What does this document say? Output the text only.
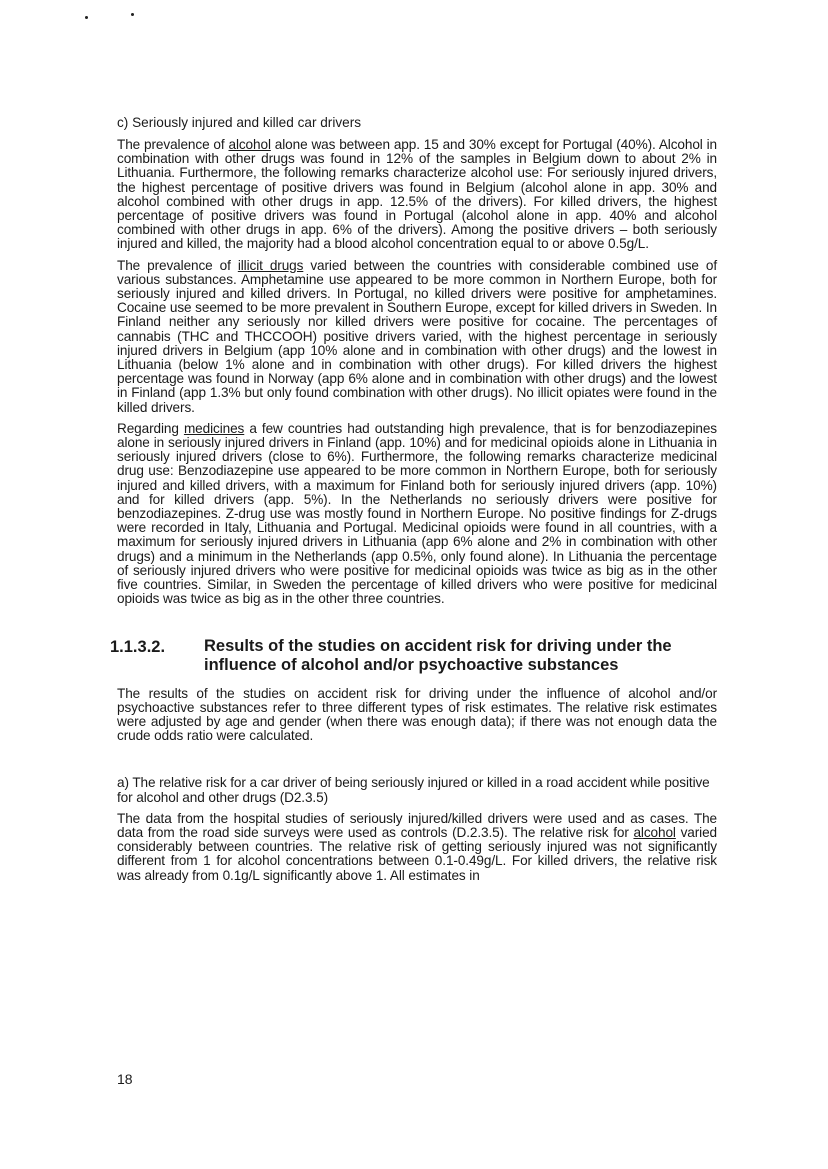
c) Seriously injured and killed car drivers

The prevalence of alcohol alone was between app. 15 and 30% except for Portugal (40%). Alcohol in combination with other drugs was found in 12% of the samples in Belgium down to about 2% in Lithuania. Furthermore, the following remarks characterize alcohol use: For seriously injured drivers, the highest percentage of positive drivers was found in Belgium (alcohol alone in app. 30% and alcohol combined with other drugs in app. 12.5% of the drivers). For killed drivers, the highest percentage of positive drivers was found in Portugal (alcohol alone in app. 40% and alcohol combined with other drugs in app. 6% of the drivers). Among the positive drivers – both seriously injured and killed, the majority had a blood alcohol concentration equal to or above 0.5g/L.

The prevalence of illicit drugs varied between the countries with considerable combined use of various substances. Amphetamine use appeared to be more common in Northern Europe, both for seriously injured and killed drivers. In Portugal, no killed drivers were positive for amphetamines. Cocaine use seemed to be more prevalent in Southern Europe, except for killed drivers in Sweden. In Finland neither any seriously nor killed drivers were positive for cocaine. The percentages of cannabis (THC and THCCOOH) positive drivers varied, with the highest percentage in seriously injured drivers in Belgium (app 10% alone and in combination with other drugs) and the lowest in Lithuania (below 1% alone and in combination with other drugs). For killed drivers the highest percentage was found in Norway (app 6% alone and in combination with other drugs) and the lowest in Finland (app 1.3% but only found combination with other drugs). No illicit opiates were found in the killed drivers.

Regarding medicines a few countries had outstanding high prevalence, that is for benzodiazepines alone in seriously injured drivers in Finland (app. 10%) and for medicinal opioids alone in Lithuania in seriously injured drivers (close to 6%). Furthermore, the following remarks characterize medicinal drug use: Benzodiazepine use appeared to be more common in Northern Europe, both for seriously injured and killed drivers, with a maximum for Finland both for seriously injured drivers (app. 10%) and for killed drivers (app. 5%). In the Netherlands no seriously drivers were positive for benzodiazepines. Z-drug use was mostly found in Northern Europe. No positive findings for Z-drugs were recorded in Italy, Lithuania and Portugal. Medicinal opioids were found in all countries, with a maximum for seriously injured drivers in Lithuania (app 6% alone and 2% in combination with other drugs) and a minimum in the Netherlands (app 0.5%, only found alone). In Lithuania the percentage of seriously injured drivers who were positive for medicinal opioids was twice as big as in the other five countries. Similar, in Sweden the percentage of killed drivers who were positive for medicinal opioids was twice as big as in the other three countries.

1.1.3.2.	Results of the studies on accident risk for driving under the influence of alcohol and/or psychoactive substances

The results of the studies on accident risk for driving under the influence of alcohol and/or psychoactive substances refer to three different types of risk estimates. The relative risk estimates were adjusted by age and gender (when there was enough data); if there was not enough data the crude odds ratio were calculated.

a) The relative risk for a car driver of being seriously injured or killed in a road accident while positive for alcohol and other drugs (D2.3.5)

The data from the hospital studies of seriously injured/killed drivers were used and as cases. The data from the road side surveys were used as controls (D.2.3.5). The relative risk for alcohol varied considerably between countries. The relative risk of getting seriously injured was not significantly different from 1 for alcohol concentrations between 0.1-0.49g/L. For killed drivers, the relative risk was already from 0.1g/L significantly above 1. All estimates in

18
